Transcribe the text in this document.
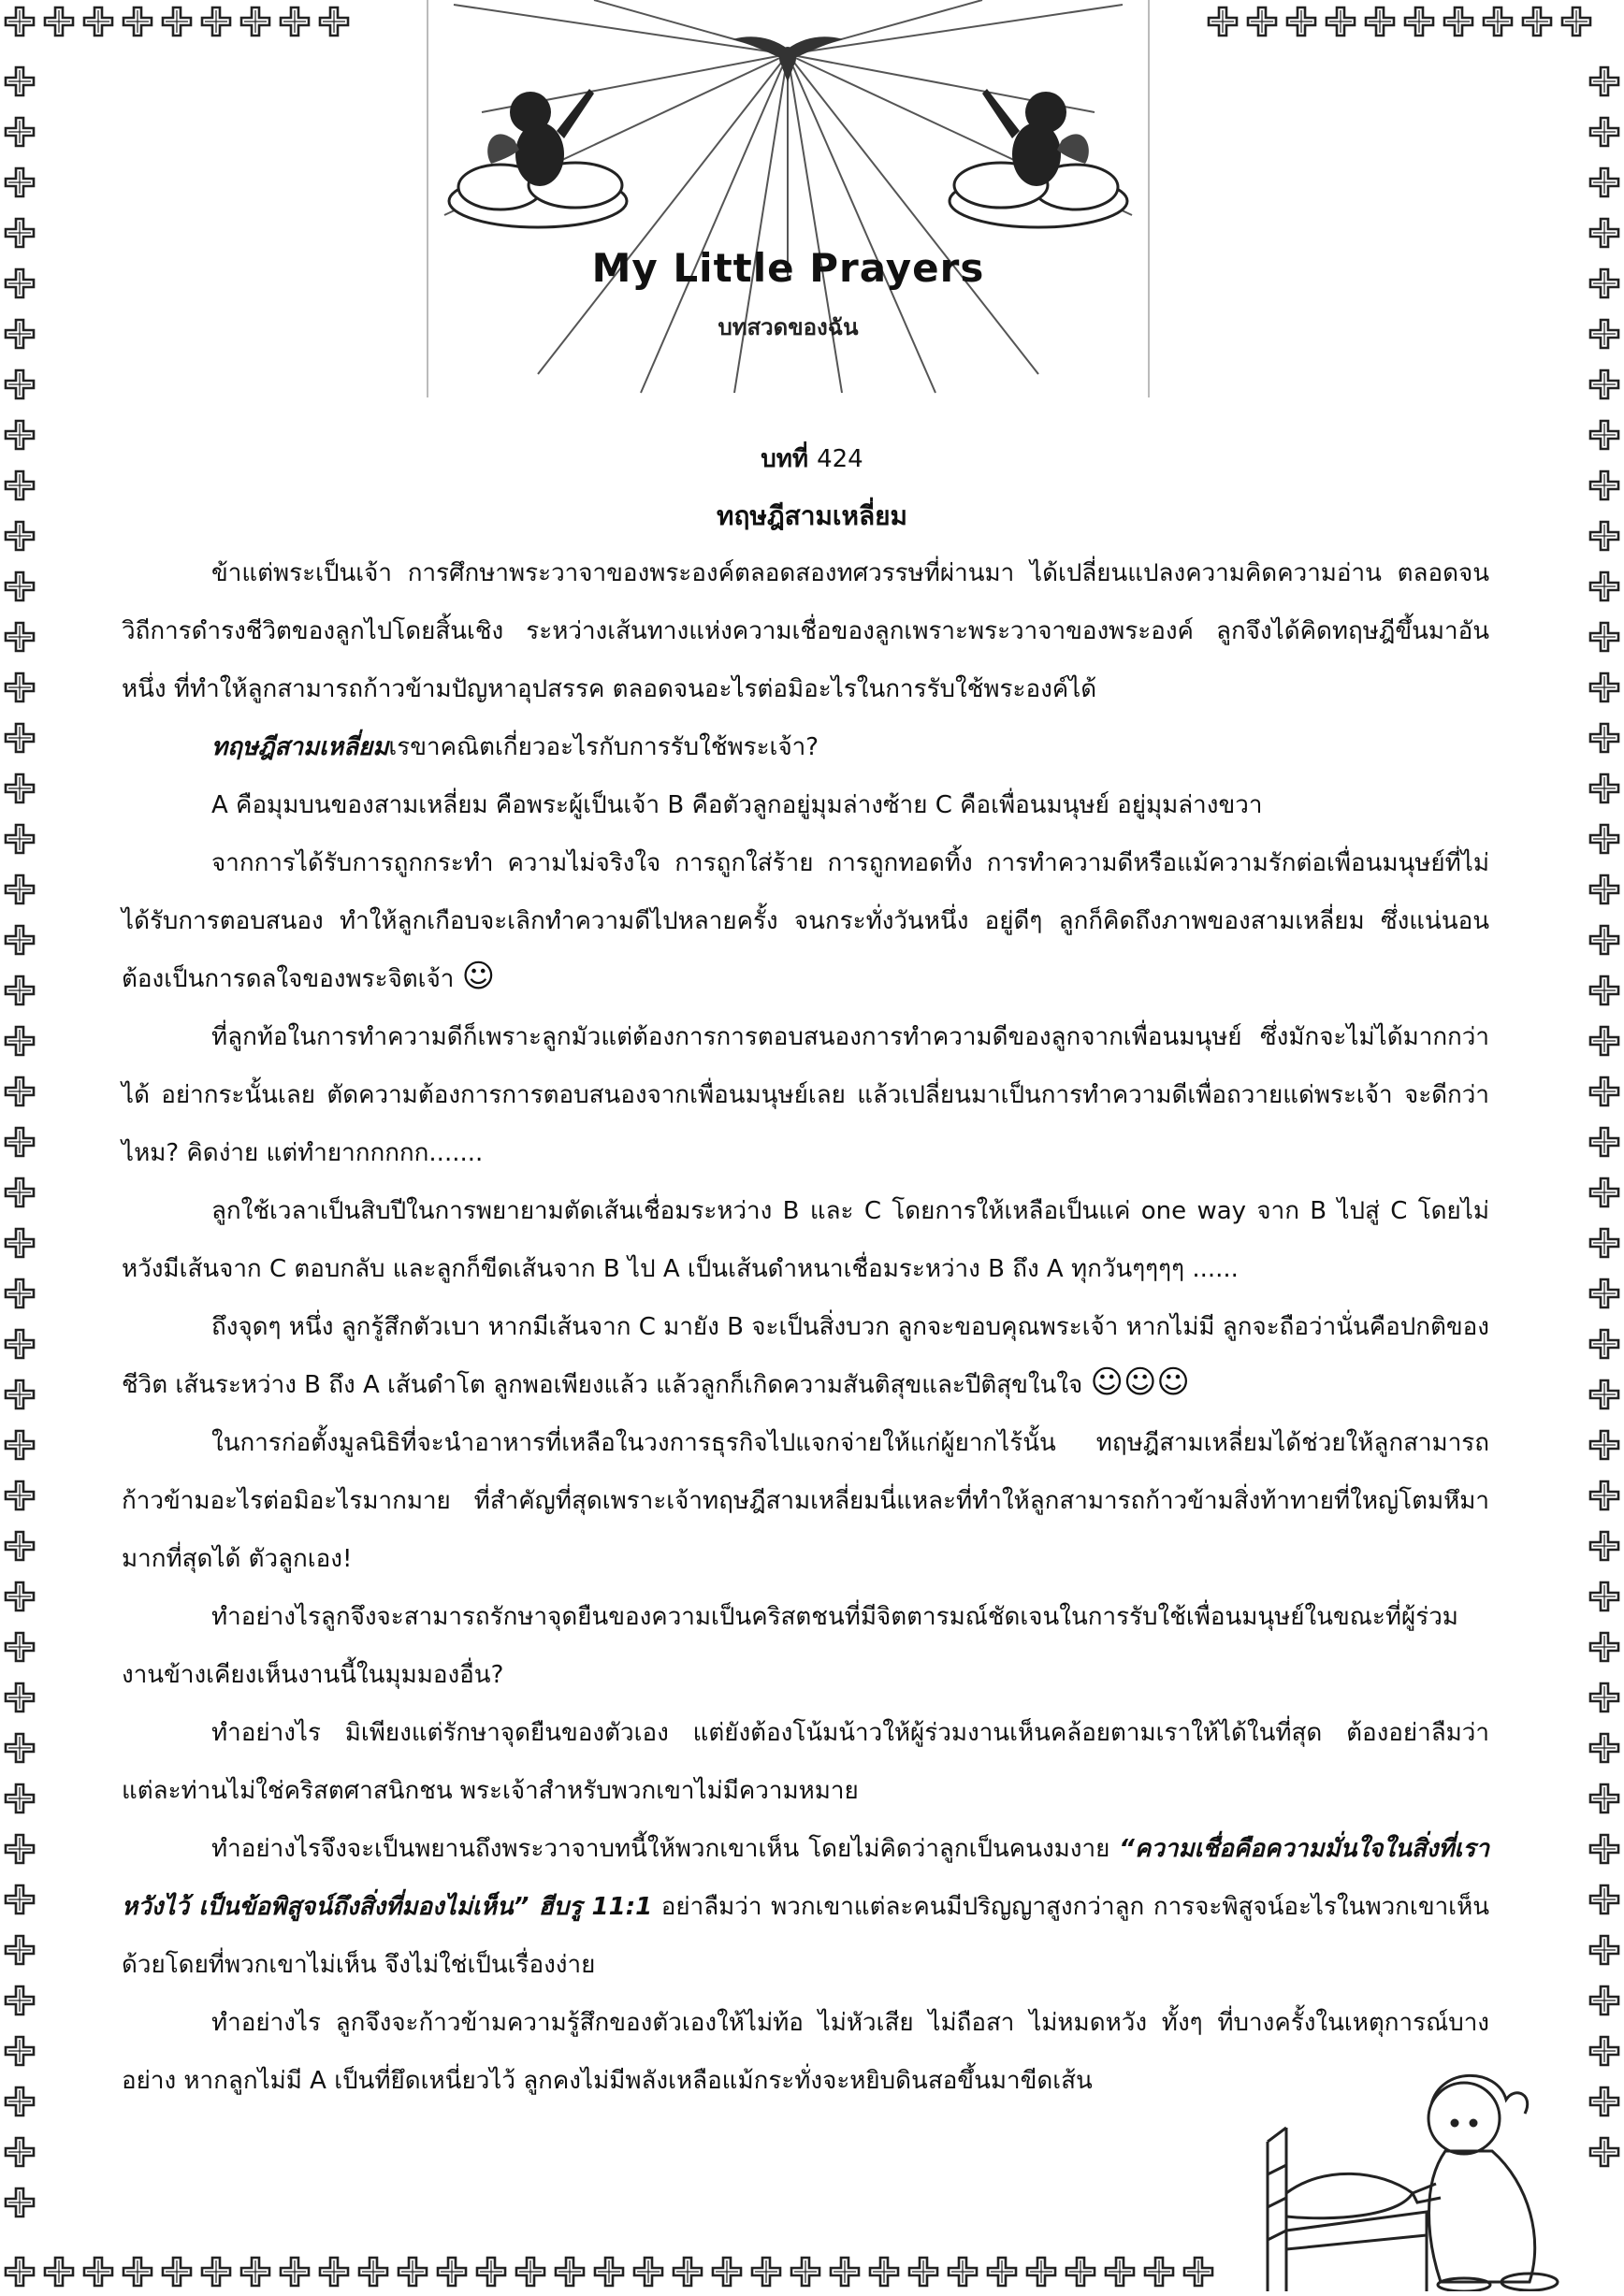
My Little Prayers
บทสวดของฉัน
บทที่ 424
ทฤษฎีสามเหลี่ยม

ข้าแต่พระเป็นเจ้า การศึกษาพระวาจาของพระองค์ตลอดสองทศวรรษที่ผ่านมา ได้เปลี่ยนแปลงความคิดความอ่าน ตลอดจนวิถีการดำรงชีวิตของลูกไปโดยสิ้นเชิง ระหว่างเส้นทางแห่งความเชื่อของลูกเพราะพระวาจาของพระองค์ ลูกจึงได้คิดทฤษฎีขึ้นมาอันหนึ่ง ที่ทำให้ลูกสามารถก้าวข้ามปัญหาอุปสรรค ตลอดจนอะไรต่อมิอะไรในการรับใช้พระองค์ได้

ทฤษฎีสามเหลี่ยมเรขาคณิตเกี่ยวอะไรกับการรับใช้พระเจ้า?

A คือมุมบนของสามเหลี่ยม คือพระผู้เป็นเจ้า B คือตัวลูกอยู่มุมล่างซ้าย C คือเพื่อนมนุษย์ อยู่มุมล่างขวา

จากการได้รับการถูกกระทำ ความไม่จริงใจ การถูกใส่ร้าย การถูกทอดทิ้ง การทำความดีหรือแม้ความรักต่อเพื่อนมนุษย์ที่ไม่ได้รับการตอบสนอง ทำให้ลูกเกือบจะเลิกทำความดีไปหลายครั้ง จนกระทั่งวันหนึ่ง อยู่ดีๆ ลูกก็คิดถึงภาพของสามเหลี่ยม ซึ่งแน่นอนต้องเป็นการดลใจของพระจิตเจ้า ☺

ที่ลูกท้อในการทำความดีก็เพราะลูกมัวแต่ต้องการการตอบสนองการทำความดีของลูกจากเพื่อนมนุษย์ ซึ่งมักจะไม่ได้มากกว่าได้ อย่ากระนั้นเลย ตัดความต้องการการตอบสนองจากเพื่อนมนุษย์เลย แล้วเปลี่ยนมาเป็นการทำความดีเพื่อถวายแด่พระเจ้า จะดีกว่าไหม? คิดง่าย แต่ทำยากกกกก.......

ลูกใช้เวลาเป็นสิบปีในการพยายามตัดเส้นเชื่อมระหว่าง B และ C โดยการให้เหลือเป็นแค่ one way จาก B ไปสู่ C โดยไม่หวังมีเส้นจาก C ตอบกลับ และลูกก็ขีดเส้นจาก B ไป A เป็นเส้นดำหนาเชื่อมระหว่าง B ถึง A ทุกวันๆๆๆๆ ......

ถึงจุดๆ หนึ่ง ลูกรู้สึกตัวเบา หากมีเส้นจาก C มายัง B จะเป็นสิ่งบวก ลูกจะขอบคุณพระเจ้า หากไม่มี ลูกจะถือว่านั่นคือปกติของชีวิต เส้นระหว่าง B ถึง A เส้นดำโต ลูกพอเพียงแล้ว แล้วลูกก็เกิดความสันติสุขและปีติสุขในใจ ☺☺☺

ในการก่อตั้งมูลนิธิที่จะนำอาหารที่เหลือในวงการธุรกิจไปแจกจ่ายให้แก่ผู้ยากไร้นั้น ทฤษฎีสามเหลี่ยมได้ช่วยให้ลูกสามารถก้าวข้ามอะไรต่อมิอะไรมากมาย ที่สำคัญที่สุดเพราะเจ้าทฤษฎีสามเหลี่ยมนี่แหละที่ทำให้ลูกสามารถก้าวข้ามสิ่งท้าทายที่ใหญ่โตมหึมามากที่สุดได้ ตัวลูกเอง!

ทำอย่างไรลูกจึงจะสามารถรักษาจุดยืนของความเป็นคริสตชนที่มีจิตตารมณ์ชัดเจนในการรับใช้เพื่อนมนุษย์ในขณะที่ผู้ร่วมงานข้างเคียงเห็นงานนี้ในมุมมองอื่น?

ทำอย่างไร มิเพียงแต่รักษาจุดยืนของตัวเอง แต่ยังต้องโน้มน้าวให้ผู้ร่วมงานเห็นคล้อยตามเราให้ได้ในที่สุด ต้องอย่าลืมว่า แต่ละท่านไม่ใช่คริสตศาสนิกชน พระเจ้าสำหรับพวกเขาไม่มีความหมาย

ทำอย่างไรจึงจะเป็นพยานถึงพระวาจาบทนี้ให้พวกเขาเห็น โดยไม่คิดว่าลูกเป็นคนงมงาย “ความเชื่อคือความมั่นใจในสิ่งที่เราหวังไว้ เป็นข้อพิสูจน์ถึงสิ่งที่มองไม่เห็น” ฮีบรู 11:1 อย่าลืมว่า พวกเขาแต่ละคนมีปริญญาสูงกว่าลูก การจะพิสูจน์อะไรในพวกเขาเห็นด้วยโดยที่พวกเขาไม่เห็น จึงไม่ใช่เป็นเรื่องง่าย

ทำอย่างไร ลูกจึงจะก้าวข้ามความรู้สึกของตัวเองให้ไม่ท้อ ไม่หัวเสีย ไม่ถือสา ไม่หมดหวัง ทั้งๆ ที่บางครั้งในเหตุการณ์บางอย่าง หากลูกไม่มี A เป็นที่ยึดเหนี่ยวไว้ ลูกคงไม่มีพลังเหลือแม้กระทั่งจะหยิบดินสอขึ้นมาขีดเส้น
